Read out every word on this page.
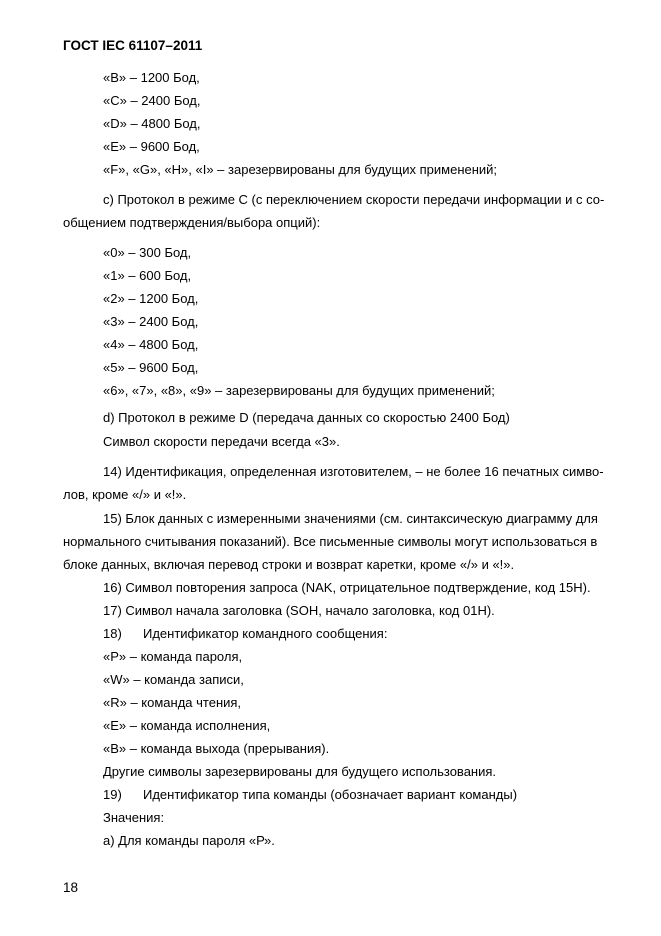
ГОСТ IEC 61107–2011
«B» – 1200 Бод,
«C» – 2400 Бод,
«D» – 4800 Бод,
«E» – 9600 Бод,
«F», «G», «H», «I» – зарезервированы для будущих применений;
c) Протокол в режиме С (с переключением скорости передачи информации и с со-
общением подтверждения/выбора опций):
«0» – 300 Бод,
«1» – 600 Бод,
«2» – 1200 Бод,
«3» – 2400 Бод,
«4» – 4800 Бод,
«5» – 9600 Бод,
«6», «7», «8», «9» – зарезервированы для будущих применений;
d) Протокол в режиме D (передача данных со скоростью 2400 Бод)
Символ скорости передачи всегда «3».
14) Идентификация, определенная изготовителем, – не более 16 печатных симво-
лов, кроме «/» и «!».
15) Блок данных с измеренными значениями (см. синтаксическую диаграмму для
нормального считывания показаний). Все письменные символы могут использоваться в
блоке данных, включая перевод строки и возврат каретки, кроме «/» и «!».
16) Символ повторения запроса (NAK, отрицательное подтверждение, код 15Н).
17) Символ начала заголовка (SOH, начало заголовка, код 01Н).
18) Идентификатор командного сообщения:
«P» – команда пароля,
«W» – команда записи,
«R» – команда чтения,
«E» – команда исполнения,
«B» – команда выхода (прерывания).
Другие символы зарезервированы для будущего использования.
19) Идентификатор типа команды (обозначает вариант команды)
Значения:
а) Для команды пароля «Р».
18
